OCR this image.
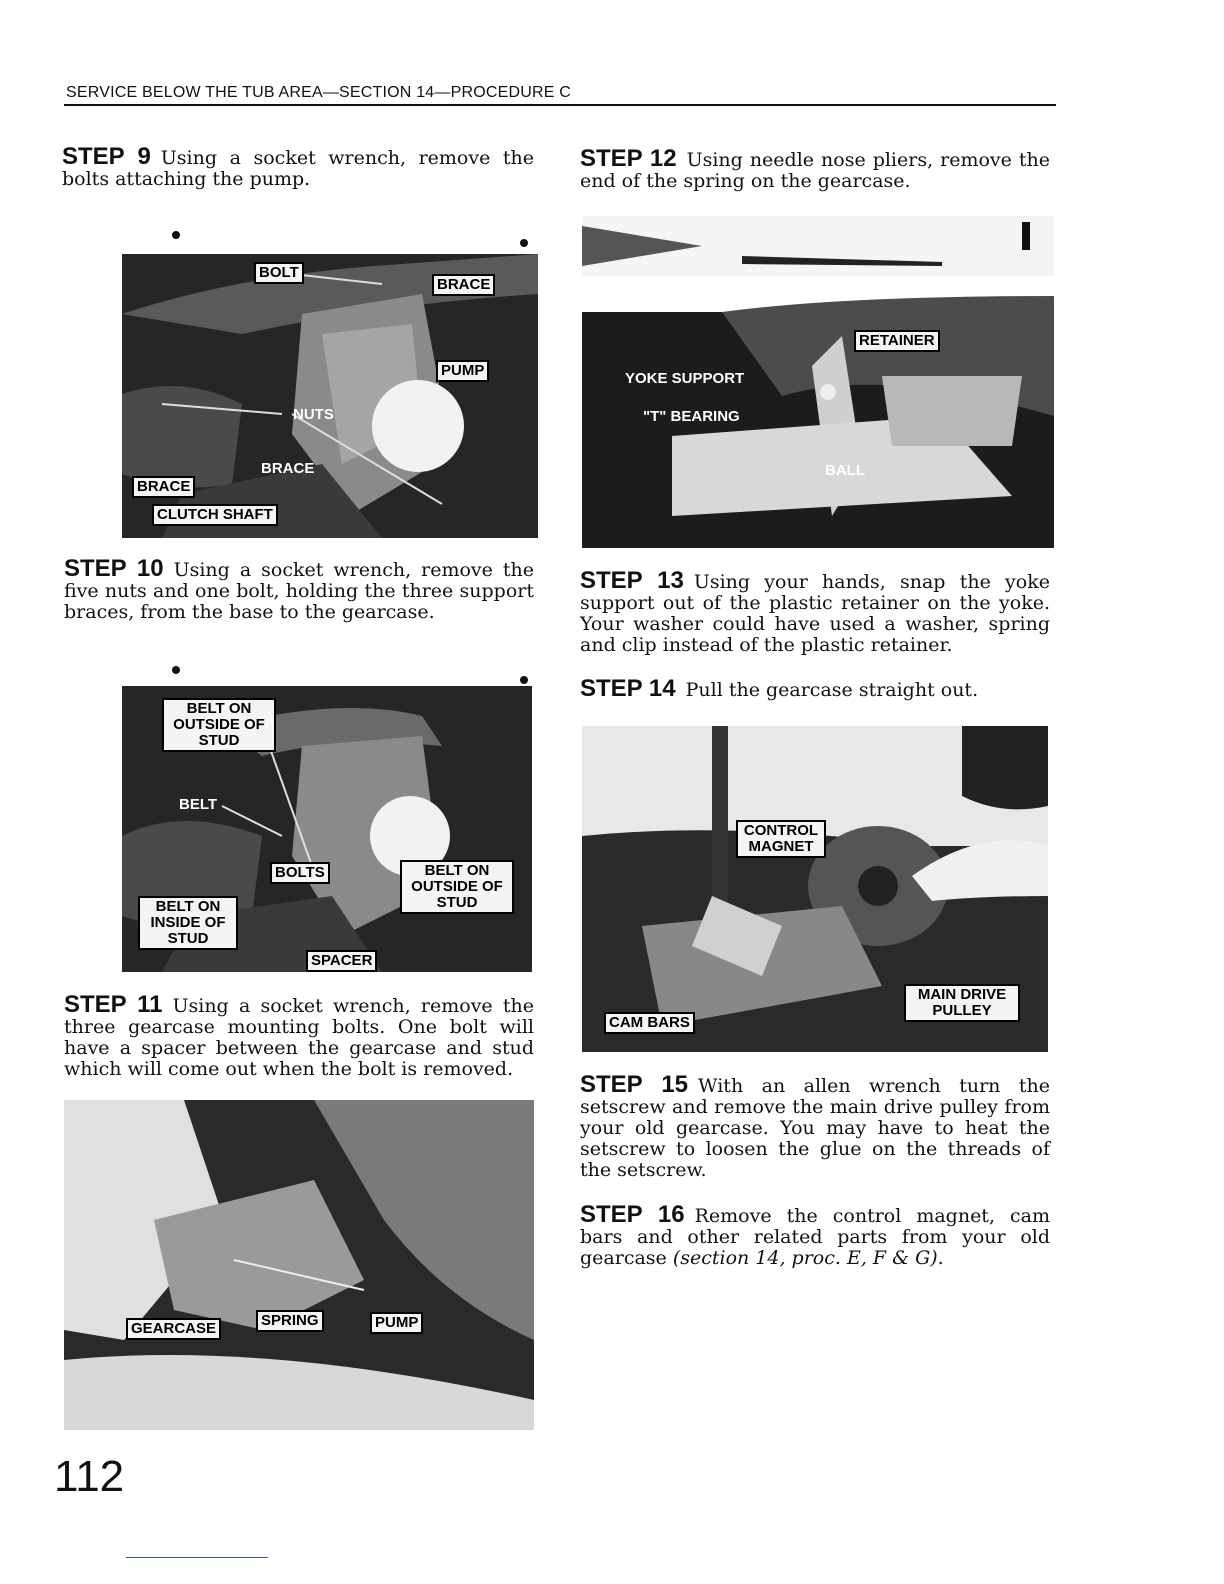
SERVICE BELOW THE TUB AREA—SECTION 14—PROCEDURE C
STEP 9 Using a socket wrench, remove the bolts attaching the pump.
BOLT
BRACE
PUMP
NUTS
BRACE
BRACE
CLUTCH SHAFT
STEP 10 Using a socket wrench, remove the five nuts and one bolt, holding the three support braces, from the base to the gearcase.
BELT ON OUTSIDE OF STUD
BELT
BOLTS	BELT ON OUTSIDE OF STUD
BELT ON INSIDE OF STUD
SPACER
STEP 11 Using a socket wrench, remove the three gearcase mounting bolts. One bolt will have a spacer between the gearcase and stud which will come out when the bolt is removed.
GEARCASE	SPRING	PUMP
112
STEP 12 Using needle nose pliers, remove the end of the spring on the gearcase.
RETAINER
YOKE SUPPORT
"T" BEARING
BALL
STEP 13 Using your hands, snap the yoke support out of the plastic retainer on the yoke. Your washer could have used a washer, spring and clip instead of the plastic retainer.
STEP 14 Pull the gearcase straight out.
CONTROL MAGNET
MAIN DRIVE PULLEY
CAM BARS
STEP 15 With an allen wrench turn the setscrew and remove the main drive pulley from your old gearcase. You may have to heat the setscrew to loosen the glue on the threads of the setscrew.
STEP 16 Remove the control magnet, cam bars and other related parts from your old gearcase (section 14, proc. E, F & G).
